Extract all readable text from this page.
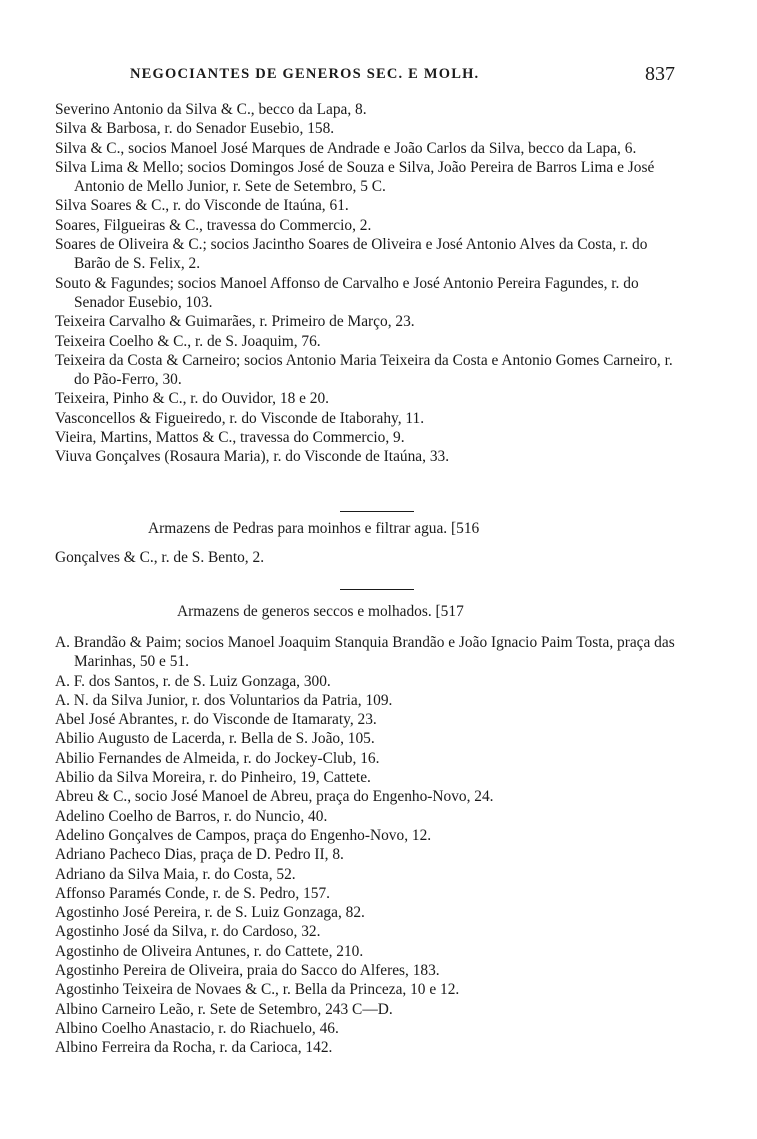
NEGOCIANTES DE GENEROS SEC. E MOLH.	837

Severino Antonio da Silva & C., becco da Lapa, 8.

Silva & Barbosa, r. do Senador Eusebio, 158.

Silva & C., socios Manoel José Marques de Andrade e João Carlos da Silva, becco da Lapa, 6.

Silva Lima & Mello; socios Domingos José de Souza e Silva, João Pereira de Barros Lima e José Antonio de Mello Junior, r. Sete de Setembro, 5 C.

Silva Soares & C., r. do Visconde de Itaúna, 61.

Soares, Filgueiras & C., travessa do Commercio, 2.

Soares de Oliveira & C.; socios Jacintho Soares de Oliveira e José Antonio Alves da Costa, r. do Barão de S. Felix, 2.

Souto & Fagundes; socios Manoel Affonso de Carvalho e José Antonio Pereira Fagundes, r. do Senador Eusebio, 103.

Teixeira Carvalho & Guimarães, r. Primeiro de Março, 23.

Teixeira Coelho & C., r. de S. Joaquim, 76.

Teixeira da Costa & Carneiro; socios Antonio Maria Teixeira da Costa e Antonio Gomes Carneiro, r. do Pão-Ferro, 30.

Teixeira, Pinho & C., r. do Ouvidor, 18 e 20.

Vasconcellos & Figueiredo, r. do Visconde de Itaborahy, 11.

Vieira, Martins, Mattos & C., travessa do Commercio, 9.

Viuva Gonçalves (Rosaura Maria), r. do Visconde de Itaúna, 33.

Armazens de Pedras para moinhos e filtrar agua. [516

Gonçalves & C., r. de S. Bento, 2.

Armazens de generos seccos e molhados. [517

A. Brandão & Paim; socios Manoel Joaquim Stanquia Brandão e João Ignacio Paim Tosta, praça das Marinhas, 50 e 51.

A. F. dos Santos, r. de S. Luiz Gonzaga, 300.

A. N. da Silva Junior, r. dos Voluntarios da Patria, 109.

Abel José Abrantes, r. do Visconde de Itamaraty, 23.

Abilio Augusto de Lacerda, r. Bella de S. João, 105.

Abilio Fernandes de Almeida, r. do Jockey-Club, 16.

Abilio da Silva Moreira, r. do Pinheiro, 19, Cattete.

Abreu & C., socio José Manoel de Abreu, praça do Engenho-Novo, 24.

Adelino Coelho de Barros, r. do Nuncio, 40.

Adelino Gonçalves de Campos, praça do Engenho-Novo, 12.

Adriano Pacheco Dias, praça de D. Pedro II, 8.

Adriano da Silva Maia, r. do Costa, 52.

Affonso Paramés Conde, r. de S. Pedro, 157.

Agostinho José Pereira, r. de S. Luiz Gonzaga, 82.

Agostinho José da Silva, r. do Cardoso, 32.

Agostinho de Oliveira Antunes, r. do Cattete, 210.

Agostinho Pereira de Oliveira, praia do Sacco do Alferes, 183.

Agostinho Teixeira de Novaes & C., r. Bella da Princeza, 10 e 12.

Albino Carneiro Leão, r. Sete de Setembro, 243 C—D.

Albino Coelho Anastacio, r. do Riachuelo, 46.

Albino Ferreira da Rocha, r. da Carioca, 142.
